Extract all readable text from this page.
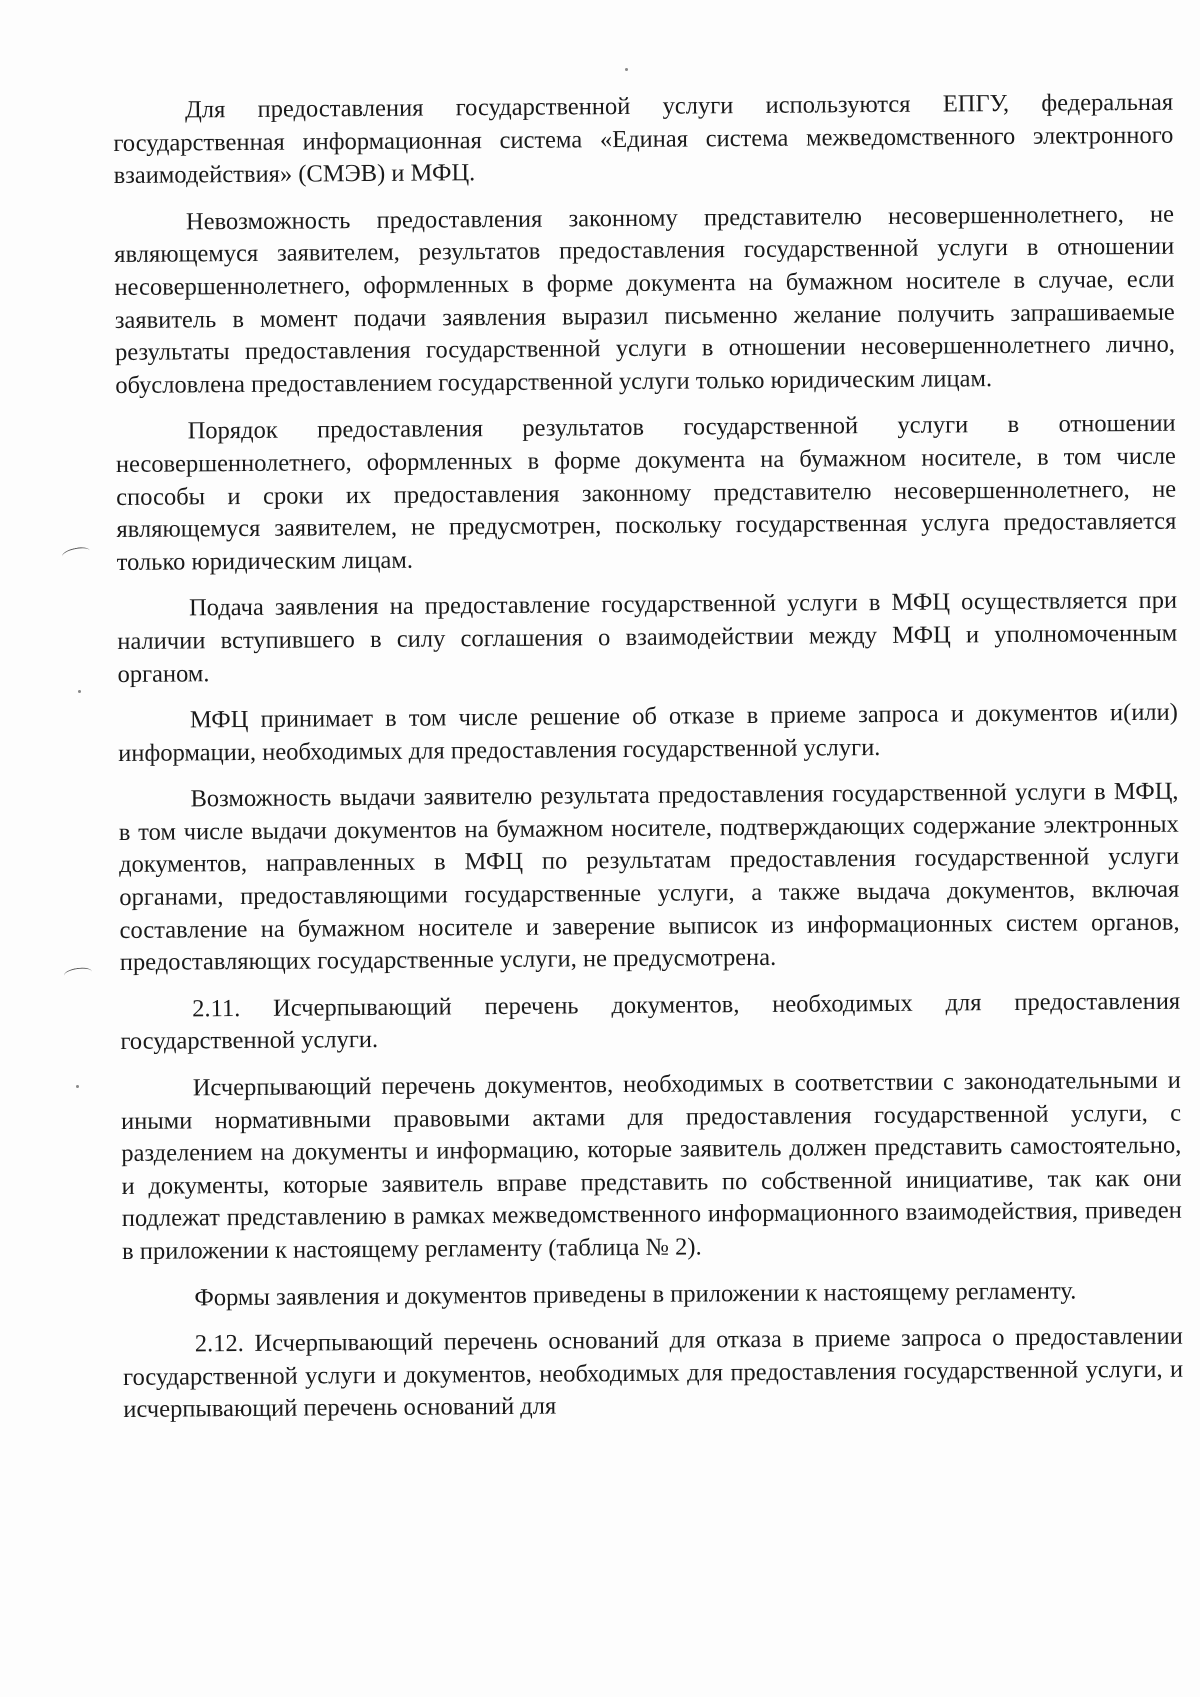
Для предоставления государственной услуги используются ЕПГУ, федеральная государственная информационная система «Единая система межведомственного электронного взаимодействия» (СМЭВ) и МФЦ.

Невозможность предоставления законному представителю несовершеннолетнего, не являющемуся заявителем, результатов предоставления государственной услуги в отношении несовершеннолетнего, оформленных в форме документа на бумажном носителе в случае, если заявитель в момент подачи заявления выразил письменно желание получить запрашиваемые результаты предоставления государственной услуги в отношении несовершеннолетнего лично, обусловлена предоставлением государственной услуги только юридическим лицам.

Порядок предоставления результатов государственной услуги в отношении несовершеннолетнего, оформленных в форме документа на бумажном носителе, в том числе способы и сроки их предоставления законному представителю несовершеннолетнего, не являющемуся заявителем, не предусмотрен, поскольку государственная услуга предоставляется только юридическим лицам.

Подача заявления на предоставление государственной услуги в МФЦ осуществляется при наличии вступившего в силу соглашения о взаимодействии между МФЦ и уполномоченным органом.

МФЦ принимает в том числе решение об отказе в приеме запроса и документов и(или) информации, необходимых для предоставления государственной услуги.

Возможность выдачи заявителю результата предоставления государственной услуги в МФЦ, в том числе выдачи документов на бумажном носителе, подтверждающих содержание электронных документов, направленных в МФЦ по результатам предоставления государственной услуги органами, предоставляющими государственные услуги, а также выдача документов, включая составление на бумажном носителе и заверение выписок из информационных систем органов, предоставляющих государственные услуги, не предусмотрена.

2.11. Исчерпывающий перечень документов, необходимых для предоставления государственной услуги.

Исчерпывающий перечень документов, необходимых в соответствии с законодательными и иными нормативными правовыми актами для предоставления государственной услуги, с разделением на документы и информацию, которые заявитель должен представить самостоятельно, и документы, которые заявитель вправе представить по собственной инициативе, так как они подлежат представлению в рамках межведомственного информационного взаимодействия, приведен в приложении к настоящему регламенту (таблица № 2).

Формы заявления и документов приведены в приложении к настоящему регламенту.

2.12. Исчерпывающий перечень оснований для отказа в приеме запроса о предоставлении государственной услуги и документов, необходимых для предоставления государственной услуги, и исчерпывающий перечень оснований для
